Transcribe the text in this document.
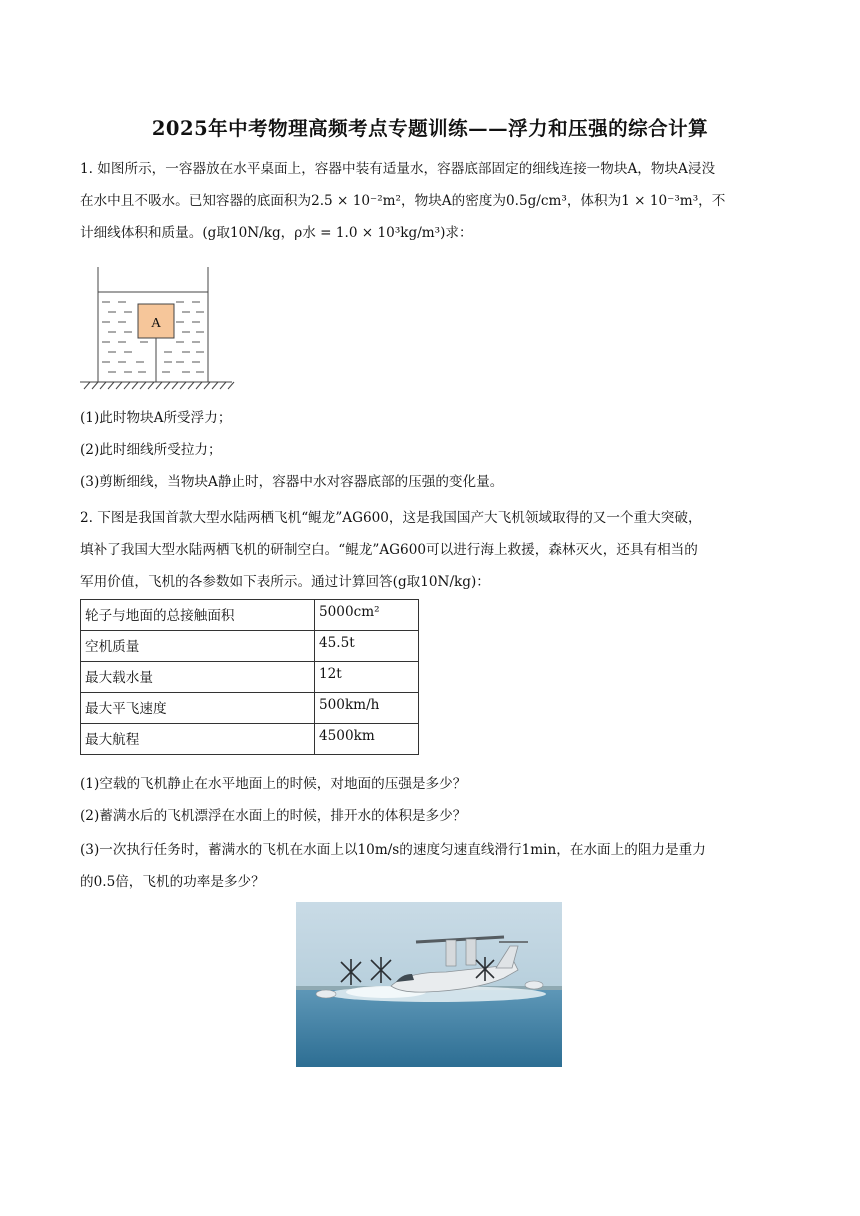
2025年中考物理高频考点专题训练——浮力和压强的综合计算
1. 如图所示，一容器放在水平桌面上，容器中装有适量水，容器底部固定的细线连接一物块A，物块A浸没
在水中且不吸水。已知容器的底面积为2.5 × 10⁻²m²，物块A的密度为0.5g/cm³，体积为1 × 10⁻³m³，不
计细线体积和质量。(g取10N/kg，ρ水 = 1.0 × 10³kg/m³)求：
A
(1)此时物块A所受浮力；
(2)此时细线所受拉力；
(3)剪断细线，当物块A静止时，容器中水对容器底部的压强的变化量。
2. 下图是我国首款大型水陆两栖飞机“鲲龙”AG600，这是我国国产大飞机领域取得的又一个重大突破，
填补了我国大型水陆两栖飞机的研制空白。“鲲龙”AG600可以进行海上救援，森林灭火，还具有相当的
军用价值，飞机的各参数如下表所示。通过计算回答(g取10N/kg)：
轮子与地面的总接触面积	5000cm²
空机质量	45.5t
最大载水量	12t
最大平飞速度	500km/h
最大航程	4500km
(1)空载的飞机静止在水平地面上的时候，对地面的压强是多少？
(2)蓄满水后的飞机漂浮在水面上的时候，排开水的体积是多少？
(3)一次执行任务时，蓄满水的飞机在水面上以10m/s的速度匀速直线滑行1min，在水面上的阻力是重力
的0.5倍，飞机的功率是多少？
